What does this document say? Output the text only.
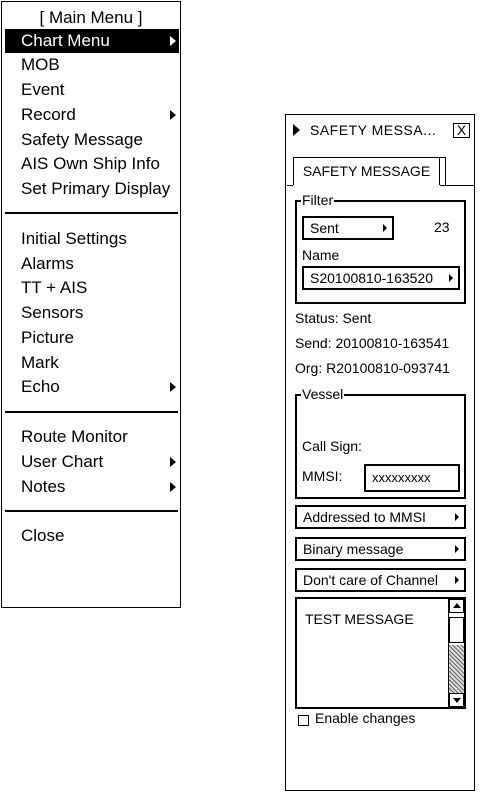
[ Main Menu ]
Chart Menu
MOB
Event
Record
Safety Message
AIS Own Ship Info
Set Primary Display
Initial Settings
Alarms
TT + AIS
Sensors
Picture
Mark
Echo
Route Monitor
User Chart
Notes
Close
SAFETY MESSA... X
SAFETY MESSAGE
Filter
Sent	23
Name
S20100810-163520
Status: Sent
Send: 20100810-163541
Org: R20100810-093741
Vessel
Call Sign:
MMSI:	xxxxxxxxx
Addressed to MMSI
Binary message
Don't care of Channel
TEST MESSAGE
Enable changes
